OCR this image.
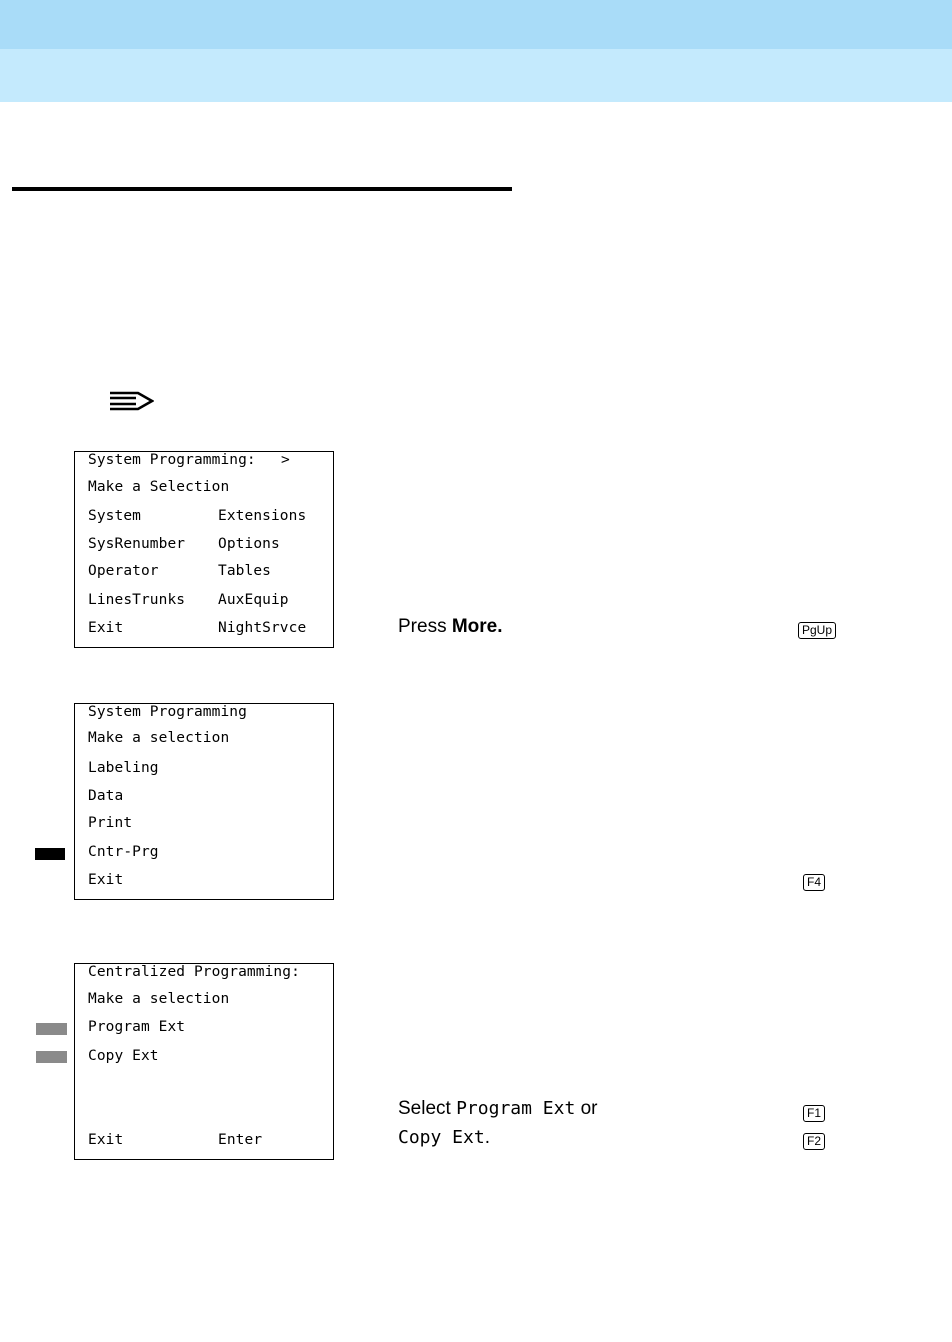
System Programming: >
Make a Selection
System	Extensions
SysRenumber Options
Operator	Tables
LinesTrunks AuxEquip
Exit	NightSrvce	Press More.	PgUp
System Programming
Make a selection
Labeling
Data
Print
Cntr-Prg
Exit	F4
Centralized Programming:
Make a selection
Program Ext
Copy Ext
Exit	Enter
Select Program Ext or
Copy Ext.
F1
F2
